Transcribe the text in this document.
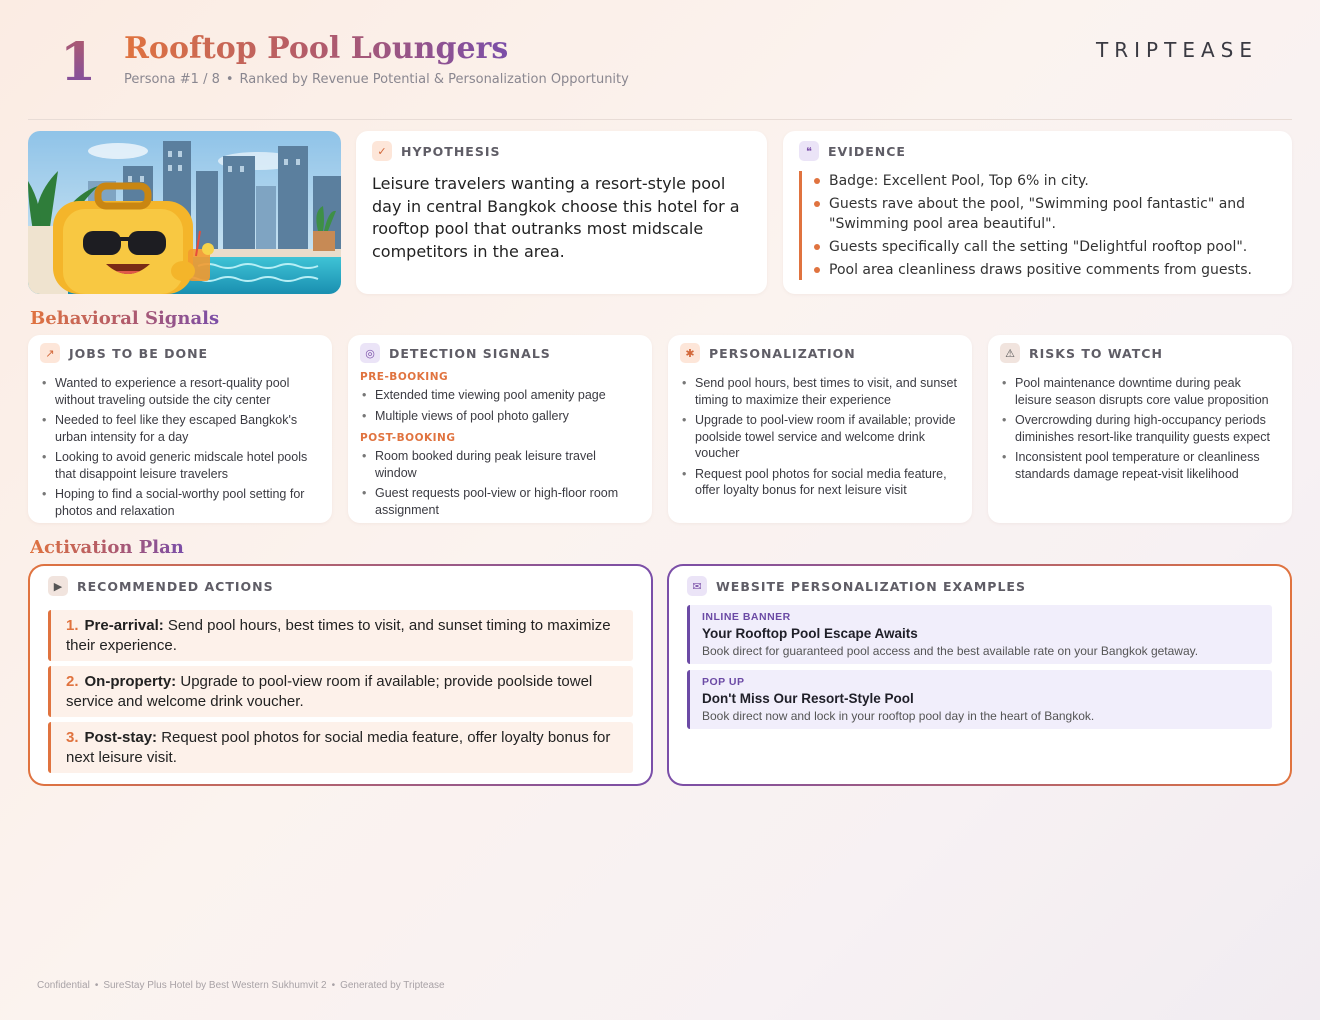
1 Rooftop Pool Loungers
Persona #1 / 8 • Ranked by Revenue Potential & Personalization Opportunity
TRIPTEASE
✓	HYPOTHESIS
Leisure travelers wanting a resort-style pool day in central Bangkok choose this hotel for a rooftop pool that outranks most midscale competitors in the area.
❝	EVIDENCE
Badge: Excellent Pool, Top 6% in city.
Guests rave about the pool, "Swimming pool fantastic" and "Swimming pool area beautiful".
Guests specifically call the setting "Delightful rooftop pool".
Pool area cleanliness draws positive comments from guests.
Behavioral Signals
↗	JOBS TO BE DONE
• Wanted to experience a resort-quality pool without traveling outside the city center
• Needed to feel like they escaped Bangkok's urban intensity for a day
• Looking to avoid generic midscale hotel pools that disappoint leisure travelers
• Hoping to find a social-worthy pool setting for photos and relaxation
◎	DETECTION SIGNALS
PRE-BOOKING
• Extended time viewing pool amenity page
• Multiple views of pool photo gallery
POST-BOOKING
• Room booked during peak leisure travel window
• Guest requests pool-view or high-floor room assignment
✱	PERSONALIZATION
• Send pool hours, best times to visit, and sunset timing to maximize their experience
• Upgrade to pool-view room if available; provide poolside towel service and welcome drink voucher
• Request pool photos for social media feature, offer loyalty bonus for next leisure visit
⚠	RISKS TO WATCH
• Pool maintenance downtime during peak leisure season disrupts core value proposition
• Overcrowding during high-occupancy periods diminishes resort-like tranquility guests expect
• Inconsistent pool temperature or cleanliness standards damage repeat-visit likelihood
Activation Plan
▶	RECOMMENDED ACTIONS
1. Pre-arrival: Send pool hours, best times to visit, and sunset timing to maximize their experience.
2. On-property: Upgrade to pool-view room if available; provide poolside towel service and welcome drink voucher.
3. Post-stay: Request pool photos for social media feature, offer loyalty bonus for next leisure visit.
✉	WEBSITE PERSONALIZATION EXAMPLES
INLINE BANNER
Your Rooftop Pool Escape Awaits
Book direct for guaranteed pool access and the best available rate on your Bangkok getaway.
POP UP
Don't Miss Our Resort-Style Pool
Book direct now and lock in your rooftop pool day in the heart of Bangkok.
Confidential • SureStay Plus Hotel by Best Western Sukhumvit 2 • Generated by Triptease
